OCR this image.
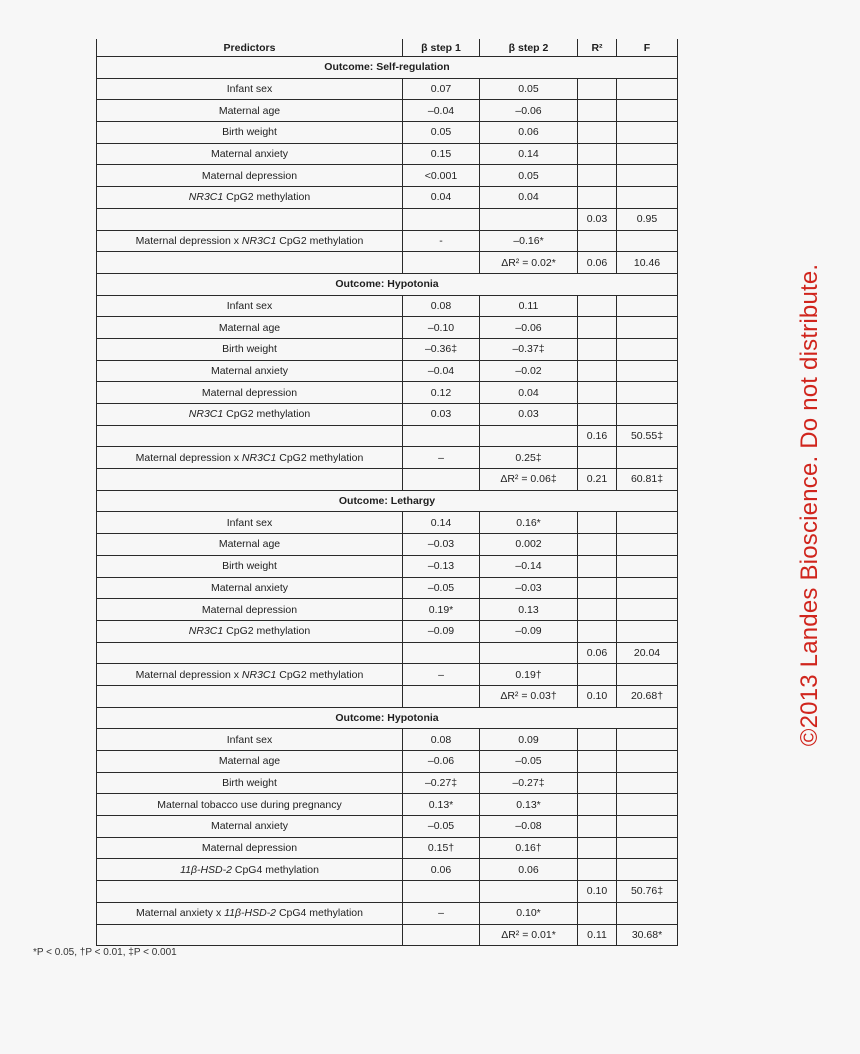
Predictors	β step 1	β step 2	R²	F
Outcome: Self-regulation				
Infant sex	0.07	0.05		
Maternal age	–0.04	–0.06		
Birth weight	0.05	0.06		
Maternal anxiety	0.15	0.14		
Maternal depression	<0.001	0.05		
NR3C1 CpG2 methylation	0.04	0.04		
			0.03	0.95
Maternal depression x NR3C1 CpG2 methylation	-	–0.16*		
		ΔR² = 0.02*	0.06	10.46
Outcome: Hypotonia				
Infant sex	0.08	0.11		
Maternal age	–0.10	–0.06		
Birth weight	–0.36‡	–0.37‡		
Maternal anxiety	–0.04	–0.02		
Maternal depression	0.12	0.04		
NR3C1 CpG2 methylation	0.03	0.03		
			0.16	50.55‡
Maternal depression x NR3C1 CpG2 methylation	–	0.25‡		
		ΔR² = 0.06‡	0.21	60.81‡
Outcome: Lethargy				
Infant sex	0.14	0.16*		
Maternal age	–0.03	0.002		
Birth weight	–0.13	–0.14		
Maternal anxiety	–0.05	–0.03		
Maternal depression	0.19*	0.13		
NR3C1 CpG2 methylation	–0.09	–0.09		
			0.06	20.04
Maternal depression x NR3C1 CpG2 methylation	–	0.19†		
		ΔR² = 0.03†	0.10	20.68†
Outcome: Hypotonia				
Infant sex	0.08	0.09		
Maternal age	–0.06	–0.05		
Birth weight	–0.27‡	–0.27‡		
Maternal tobacco use during pregnancy	0.13*	0.13*		
Maternal anxiety	–0.05	–0.08		
Maternal depression	0.15†	0.16†		
11β-HSD-2 CpG4 methylation	0.06	0.06		
			0.10	50.76‡
Maternal anxiety x 11β-HSD-2 CpG4 methylation	–	0.10*		
		ΔR² = 0.01*	0.11	30.68*
*P < 0.05, †P < 0.01, ‡P < 0.001
©2013 Landes Bioscience. Do not distribute.
